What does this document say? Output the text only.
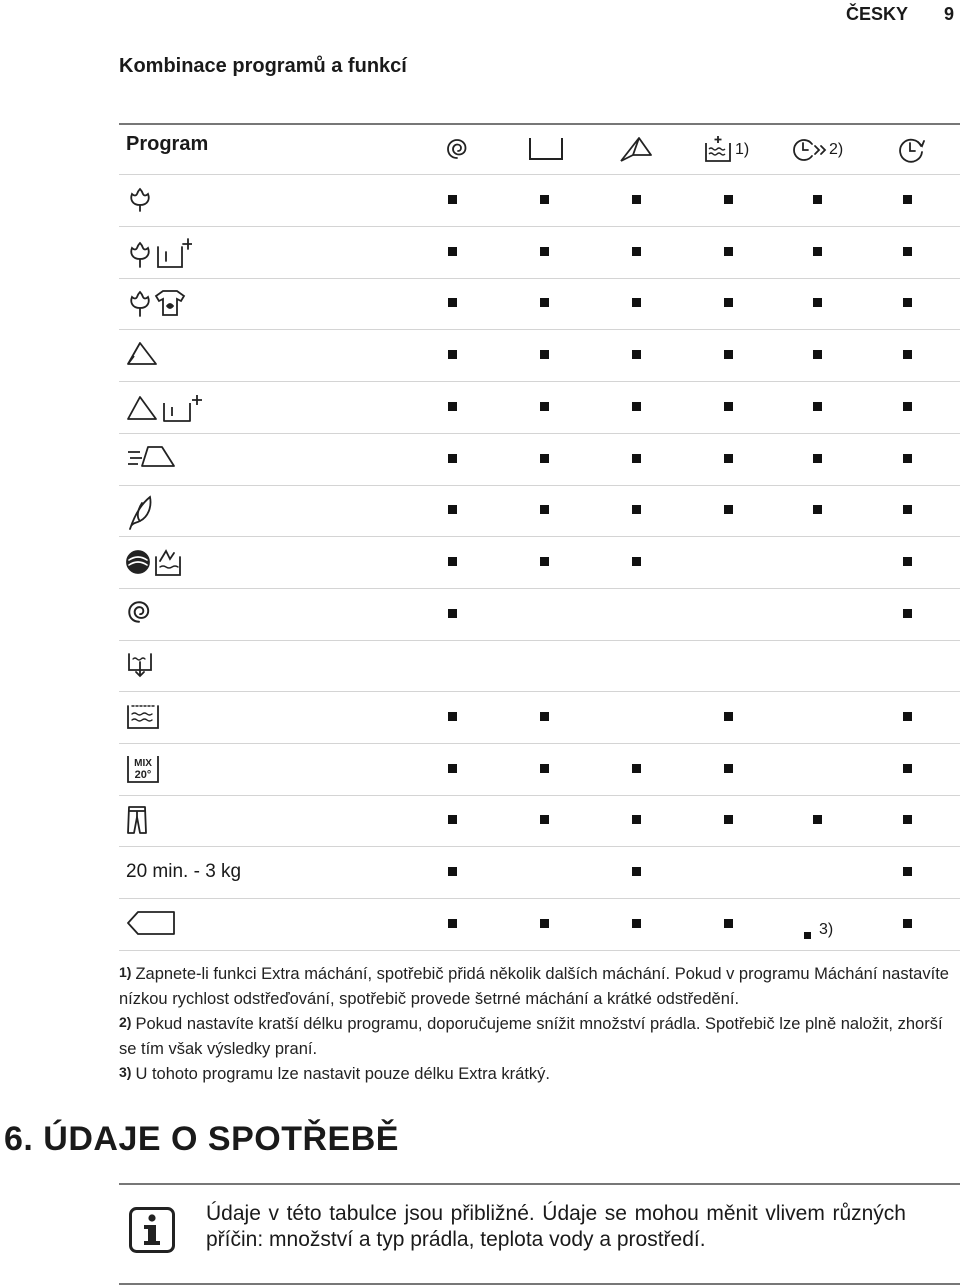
ČESKY 9
Kombinace programů a funkcí
Program	1)	2)
MIX
20°
20 min. - 3 kg
3)

$^{1)}$ Zapnete-li funkci Extra máchání, spotřebič přidá několik dalších máchání. Pokud v programu Máchání nastavíte nízkou rychlost odstřeďování, spotřebič provede šetrné máchání a krátké odstředění.

$^{2)}$ Pokud nastavíte kratší délku programu, doporučujeme snížit množství prádla. Spotřebič lze plně naložit, zhorší se tím však výsledky praní.

$^{3)}$ U tohoto programu lze nastavit pouze délku Extra krátký.

6. ÚDAJE O SPOTŘEBĚ
Údaje v této tabulce jsou přibližné. Údaje se mohou měnit vlivem různých příčin: množství a typ prádla, teplota vody a prostředí.
